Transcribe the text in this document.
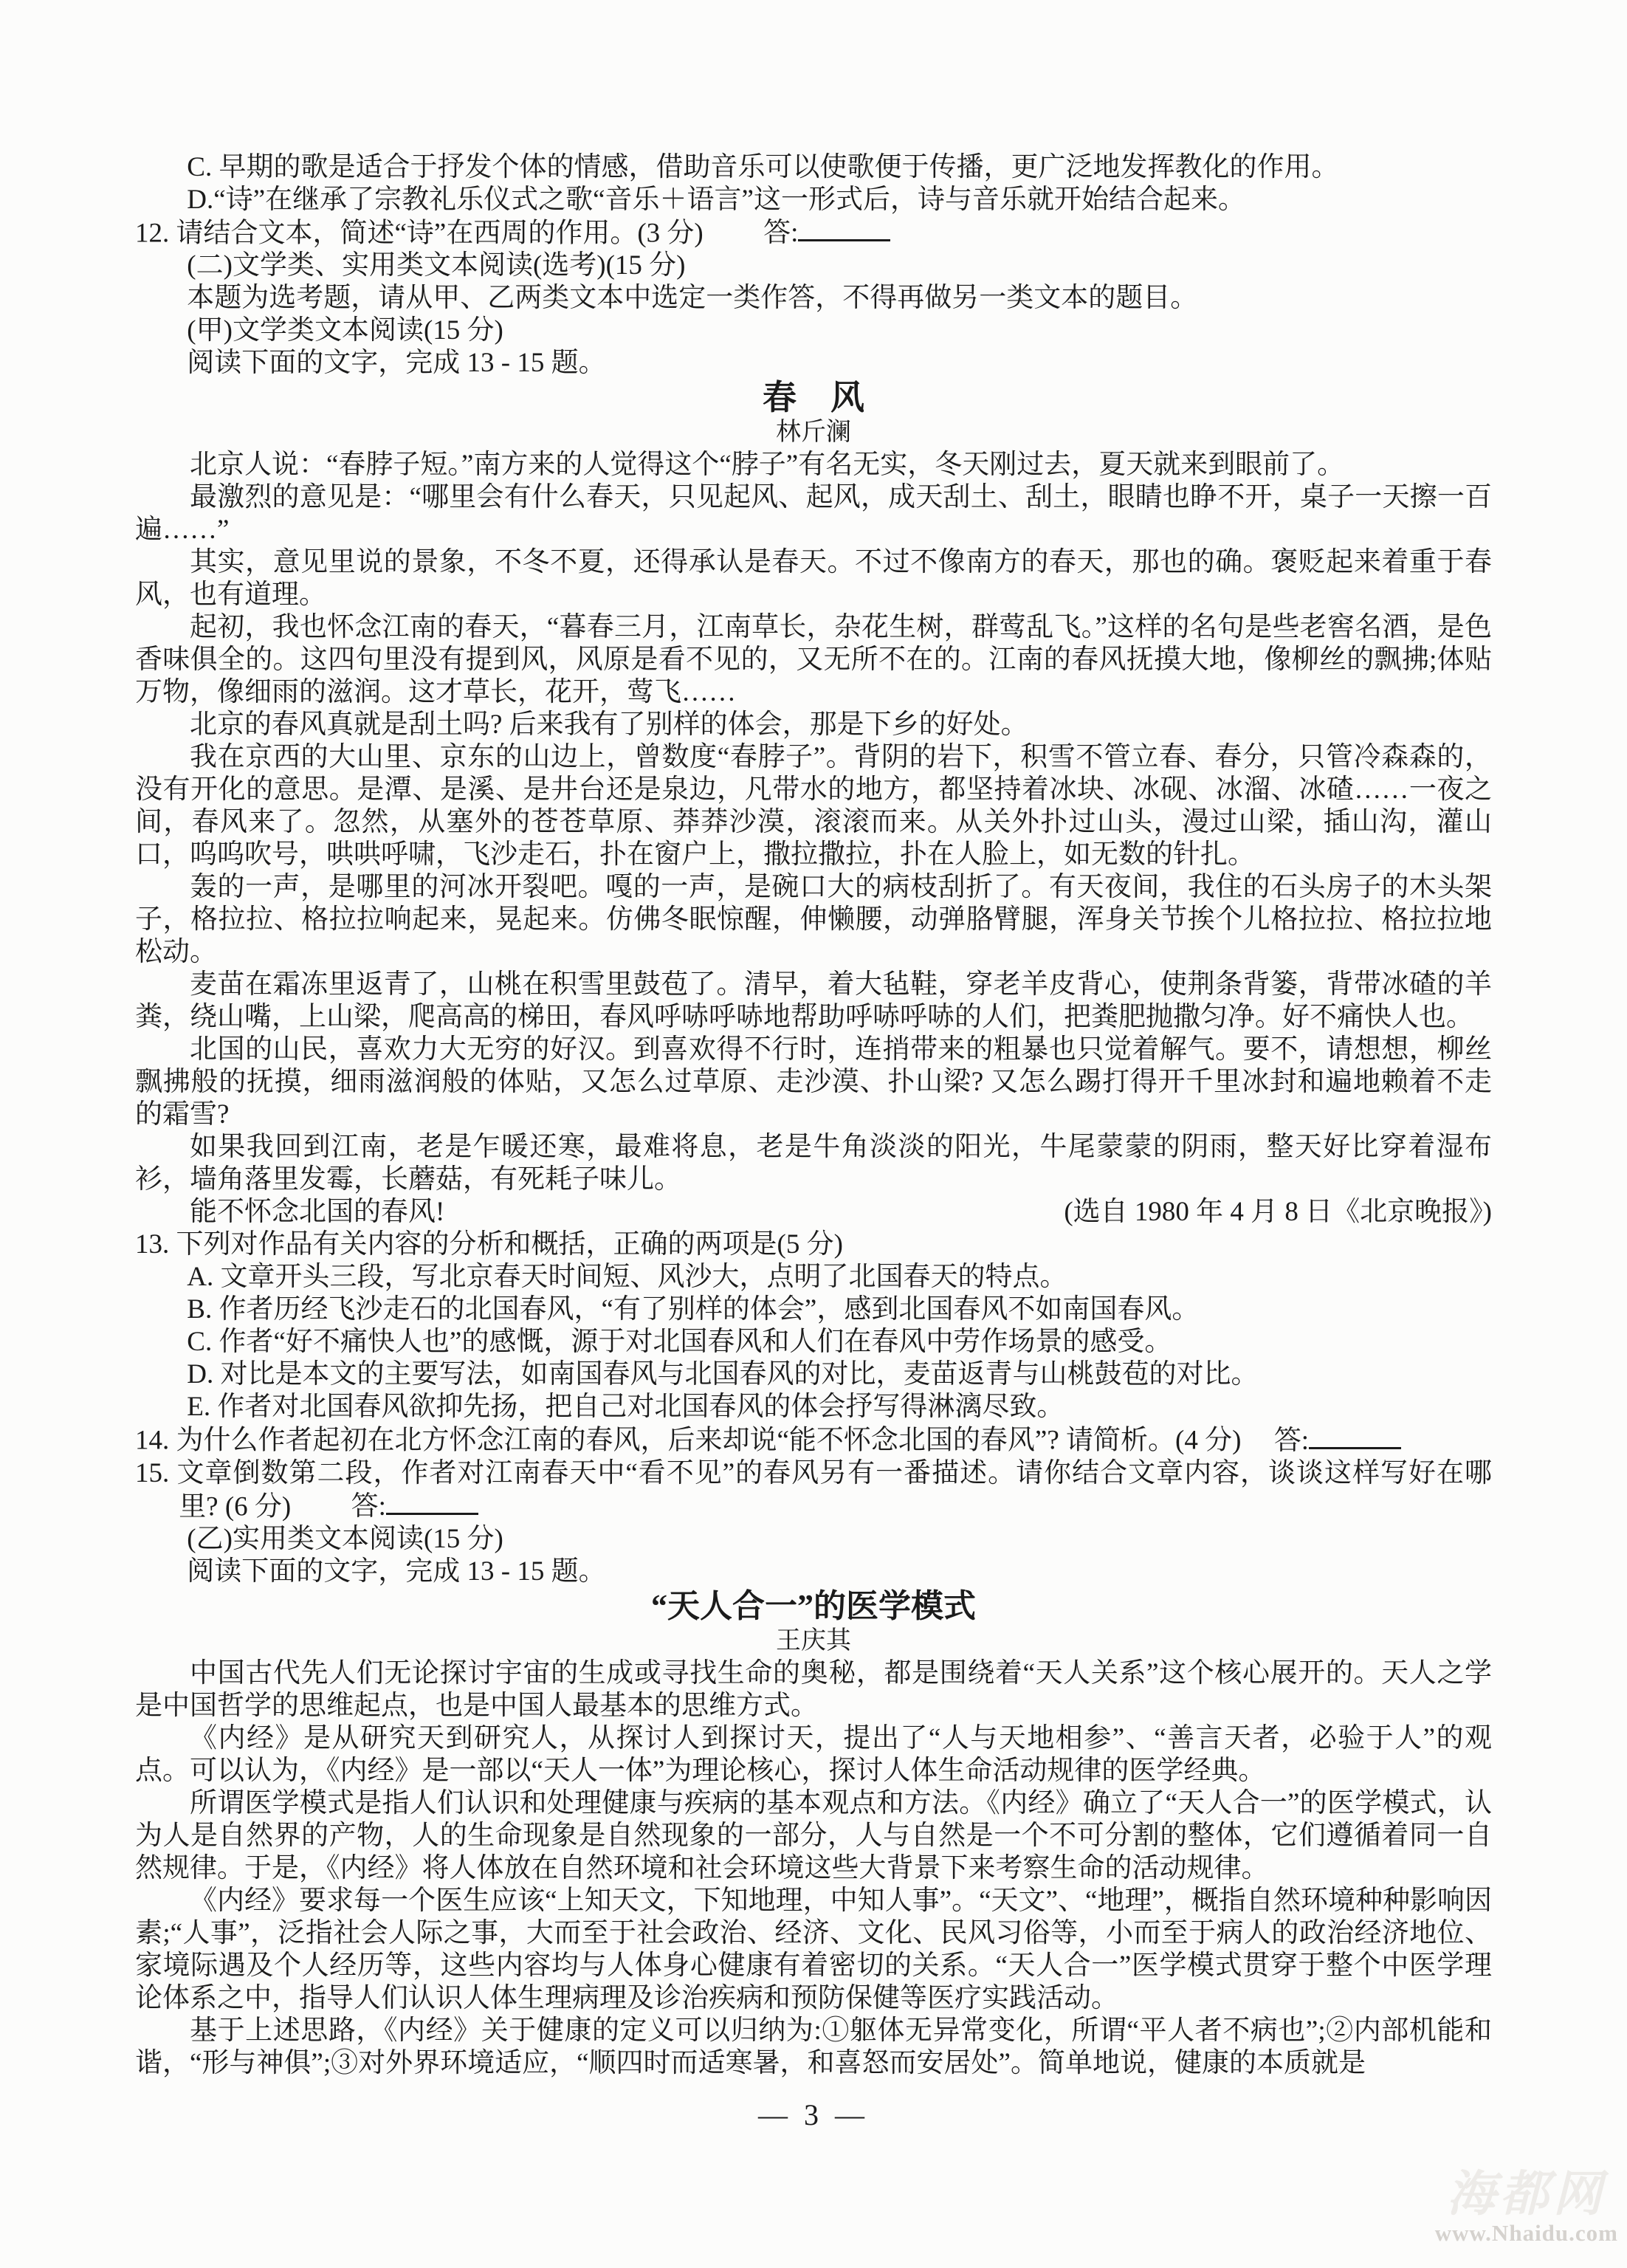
C. 早期的歌是适合于抒发个体的情感，借助音乐可以使歌便于传播，更广泛地发挥教化的作用。

D.“诗”在继承了宗教礼乐仪式之歌“音乐＋语言”这一形式后，诗与音乐就开始结合起来。

12. 请结合文本，简述“诗”在西周的作用。(3 分) 答:

(二)文学类、实用类文本阅读(选考)(15 分)

本题为选考题，请从甲、乙两类文本中选定一类作答，不得再做另一类文本的题目。

(甲)文学类文本阅读(15 分)

阅读下面的文字，完成 13 - 15 题。

春　风

林斤澜

北京人说：“春脖子短。”南方来的人觉得这个“脖子”有名无实，冬天刚过去，夏天就来到眼前了。

最激烈的意见是：“哪里会有什么春天，只见起风、起风，成天刮土、刮土，眼睛也睁不开，桌子一天擦一百遍……”

其实，意见里说的景象，不冬不夏，还得承认是春天。不过不像南方的春天，那也的确。褒贬起来着重于春风，也有道理。

起初，我也怀念江南的春天，“暮春三月，江南草长，杂花生树，群莺乱飞。”这样的名句是些老窖名酒，是色香味俱全的。这四句里没有提到风，风原是看不见的，又无所不在的。江南的春风抚摸大地，像柳丝的飘拂;体贴万物，像细雨的滋润。这才草长，花开，莺飞……

北京的春风真就是刮土吗? 后来我有了别样的体会，那是下乡的好处。

我在京西的大山里、京东的山边上，曾数度“春脖子”。背阴的岩下，积雪不管立春、春分，只管冷森森的，没有开化的意思。是潭、是溪、是井台还是泉边，凡带水的地方，都坚持着冰块、冰砚、冰溜、冰碴……一夜之间，春风来了。忽然，从塞外的苍苍草原、莽莽沙漠，滚滚而来。从关外扑过山头，漫过山梁，插山沟，灌山口，呜呜吹号，哄哄呼啸，飞沙走石，扑在窗户上，撒拉撒拉，扑在人脸上，如无数的针扎。

轰的一声，是哪里的河冰开裂吧。嘎的一声，是碗口大的病枝刮折了。有天夜间，我住的石头房子的木头架子，格拉拉、格拉拉响起来，晃起来。仿佛冬眠惊醒，伸懒腰，动弹胳臂腿，浑身关节挨个儿格拉拉、格拉拉地松动。

麦苗在霜冻里返青了，山桃在积雪里鼓苞了。清早，着大毡鞋，穿老羊皮背心，使荆条背篓，背带冰碴的羊粪，绕山嘴，上山梁，爬高高的梯田，春风呼哧呼哧地帮助呼哧呼哧的人们，把粪肥抛撒匀净。好不痛快人也。

北国的山民，喜欢力大无穷的好汉。到喜欢得不行时，连捎带来的粗暴也只觉着解气。要不，请想想，柳丝飘拂般的抚摸，细雨滋润般的体贴，又怎么过草原、走沙漠、扑山梁? 又怎么踢打得开千里冰封和遍地赖着不走的霜雪?

如果我回到江南，老是乍暖还寒，最难将息，老是牛角淡淡的阳光，牛尾蒙蒙的阴雨，整天好比穿着湿布衫，墙角落里发霉，长蘑菇，有死耗子味儿。

能不怀念北国的春风!	(选自 1980 年 4 月 8 日《北京晚报》)

13. 下列对作品有关内容的分析和概括，正确的两项是(5 分)

A. 文章开头三段，写北京春天时间短、风沙大，点明了北国春天的特点。

B. 作者历经飞沙走石的北国春风，“有了别样的体会”，感到北国春风不如南国春风。

C. 作者“好不痛快人也”的感慨，源于对北国春风和人们在春风中劳作场景的感受。

D. 对比是本文的主要写法，如南国春风与北国春风的对比，麦苗返青与山桃鼓苞的对比。

E. 作者对北国春风欲抑先扬，把自己对北国春风的体会抒写得淋漓尽致。

14. 为什么作者起初在北方怀念江南的春风，后来却说“能不怀念北国的春风”? 请简析。(4 分) 答:

15. 文章倒数第二段，作者对江南春天中“看不见”的春风另有一番描述。请你结合文章内容，谈谈这样写好在哪里? (6 分) 答:

(乙)实用类文本阅读(15 分)

阅读下面的文字，完成 13 - 15 题。

“天人合一”的医学模式

王庆其

中国古代先人们无论探讨宇宙的生成或寻找生命的奥秘，都是围绕着“天人关系”这个核心展开的。天人之学是中国哲学的思维起点，也是中国人最基本的思维方式。

《内经》是从研究天到研究人，从探讨人到探讨天，提出了“人与天地相参”、“善言天者，必验于人”的观点。可以认为，《内经》是一部以“天人一体”为理论核心，探讨人体生命活动规律的医学经典。

所谓医学模式是指人们认识和处理健康与疾病的基本观点和方法。《内经》确立了“天人合一”的医学模式，认为人是自然界的产物，人的生命现象是自然现象的一部分，人与自然是一个不可分割的整体，它们遵循着同一自然规律。于是，《内经》将人体放在自然环境和社会环境这些大背景下来考察生命的活动规律。

《内经》要求每一个医生应该“上知天文，下知地理，中知人事”。“天文”、“地理”，概指自然环境种种影响因素;“人事”，泛指社会人际之事，大而至于社会政治、经济、文化、民风习俗等，小而至于病人的政治经济地位、家境际遇及个人经历等，这些内容均与人体身心健康有着密切的关系。“天人合一”医学模式贯穿于整个中医学理论体系之中，指导人们认识人体生理病理及诊治疾病和预防保健等医疗实践活动。

基于上述思路，《内经》关于健康的定义可以归纳为:①躯体无异常变化，所谓“平人者不病也”;②内部机能和谐，“形与神俱”;③对外界环境适应，“顺四时而适寒暑，和喜怒而安居处”。简单地说，健康的本质就是

— 3 —
海都网
www.Nhaidu.com
